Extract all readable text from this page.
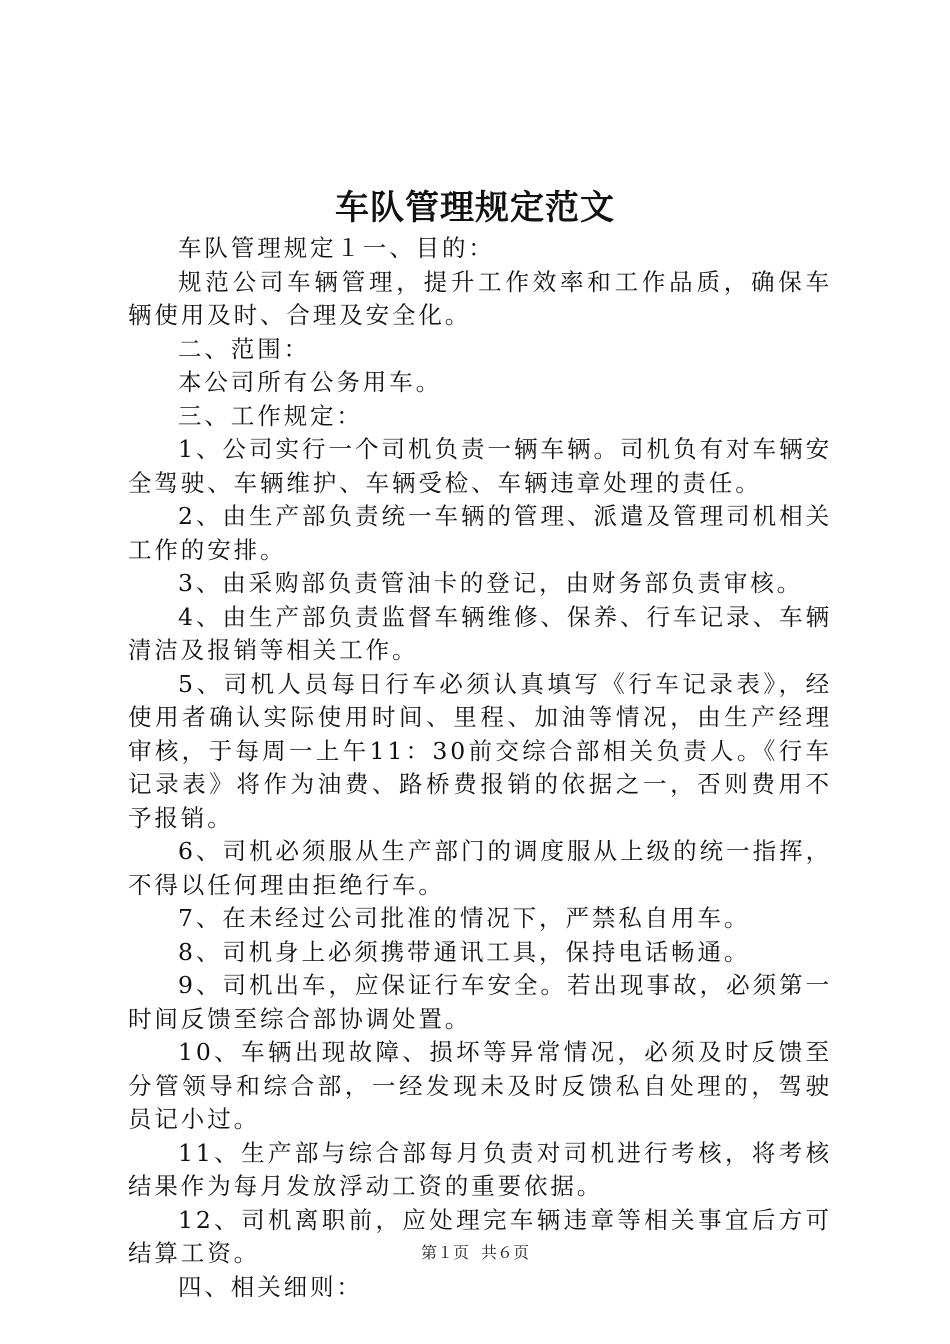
车队管理规定范文

车队管理规定１一、目的：

规范公司车辆管理，提升工作效率和工作品质，确保车辆使用及时、合理及安全化。

二、范围：

本公司所有公务用车。

三、工作规定：

1、公司实行一个司机负责一辆车辆。司机负有对车辆安全驾驶、车辆维护、车辆受检、车辆违章处理的责任。

2、由生产部负责统一车辆的管理、派遣及管理司机相关工作的安排。

3、由采购部负责管油卡的登记，由财务部负责审核。

4、由生产部负责监督车辆维修、保养、行车记录、车辆清洁及报销等相关工作。

5、司机人员每日行车必须认真填写《行车记录表》，经使用者确认实际使用时间、里程、加油等情况，由生产经理审核，于每周一上午11：30前交综合部相关负责人。《行车记录表》将作为油费、路桥费报销的依据之一，否则费用不予报销。

6、司机必须服从生产部门的调度服从上级的统一指挥，不得以任何理由拒绝行车。

7、在未经过公司批准的情况下，严禁私自用车。

8、司机身上必须携带通讯工具，保持电话畅通。

9、司机出车，应保证行车安全。若出现事故，必须第一时间反馈至综合部协调处置。

10、车辆出现故障、损坏等异常情况，必须及时反馈至分管领导和综合部，一经发现未及时反馈私自处理的，驾驶员记小过。

11、生产部与综合部每月负责对司机进行考核，将考核结果作为每月发放浮动工资的重要依据。

12、司机离职前，应处理完车辆违章等相关事宜后方可结算工资。

四、相关细则：

第１页 共６页
